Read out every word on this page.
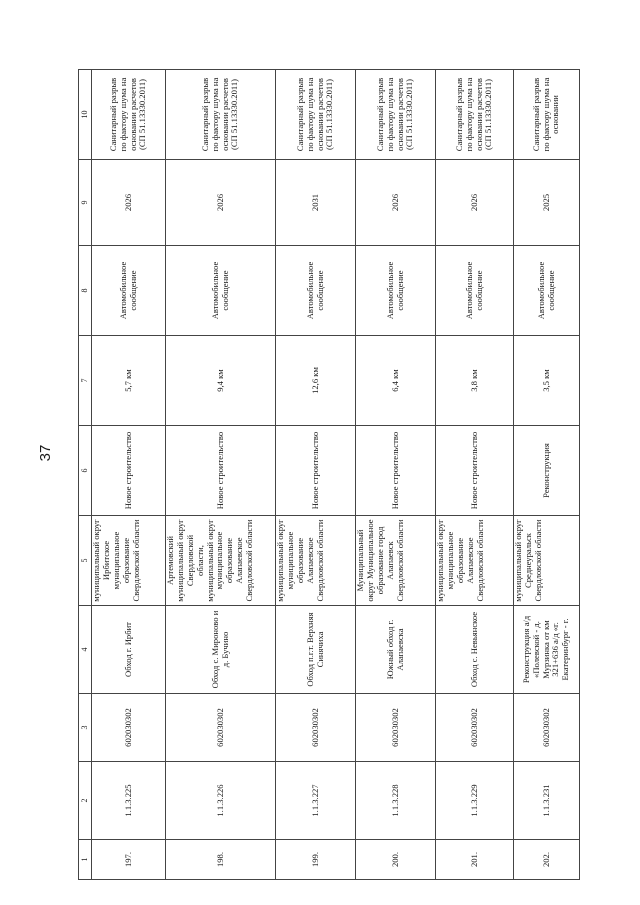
37
1	2	3	4	5	6	7	8	9	10
197.	1.1.3.225	602030302	Обход г. Ирбит	муниципальный округ Ирбитское муниципальное образование Свердловской области	Новое строительство	5,7 км	Автомобильное сообщение	2026	Санитарный разрыв по фактору шума на основании расчетов (СП 51.13330.2011)
198.	1.1.3.226	602030302	Обход с. Мироново и д. Бучино	Артемовский муниципальный округ Свердловской области, муниципальный округ муниципальное образование Алапаевское Свердловской области	Новое строительство	9,4 км	Автомобильное сообщение	2026	Санитарный разрыв по фактору шума на основании расчетов (СП 51.13330.2011)
199.	1.1.3.227	602030302	Обход п.г.т. Верхняя Синячиха	муниципальный округ муниципальное образование Алапаевское Свердловской области	Новое строительство	12,6 км	Автомобильное сообщение	2031	Санитарный разрыв по фактору шума на основании расчетов (СП 51.13330.2011)
200.	1.1.3.228	602030302	Южный обход г. Алапаевска	Муниципальный округ Муниципальное образование город Алапаевск Свердловской области	Новое строительство	6,4 км	Автомобильное сообщение	2026	Санитарный разрыв по фактору шума на основании расчетов (СП 51.13330.2011)
201.	1.1.3.229	602030302	Обход с. Невьянское	муниципальный округ муниципальное образование Алапаевское Свердловской области	Новое строительство	3,8 км	Автомобильное сообщение	2026	Санитарный разрыв по фактору шума на основании расчетов (СП 51.13330.2011)
202.	1.1.3.231	602030302	Реконструкция а/д «Полевской - д. Мурзинка от км 321+636 а/д «г. Екатеринбург - г.	муниципальный округ Среднеуральск Свердловской области	Реконструкция	3,5 км	Автомобильное сообщение	2025	Санитарный разрыв по фактору шума на основании
